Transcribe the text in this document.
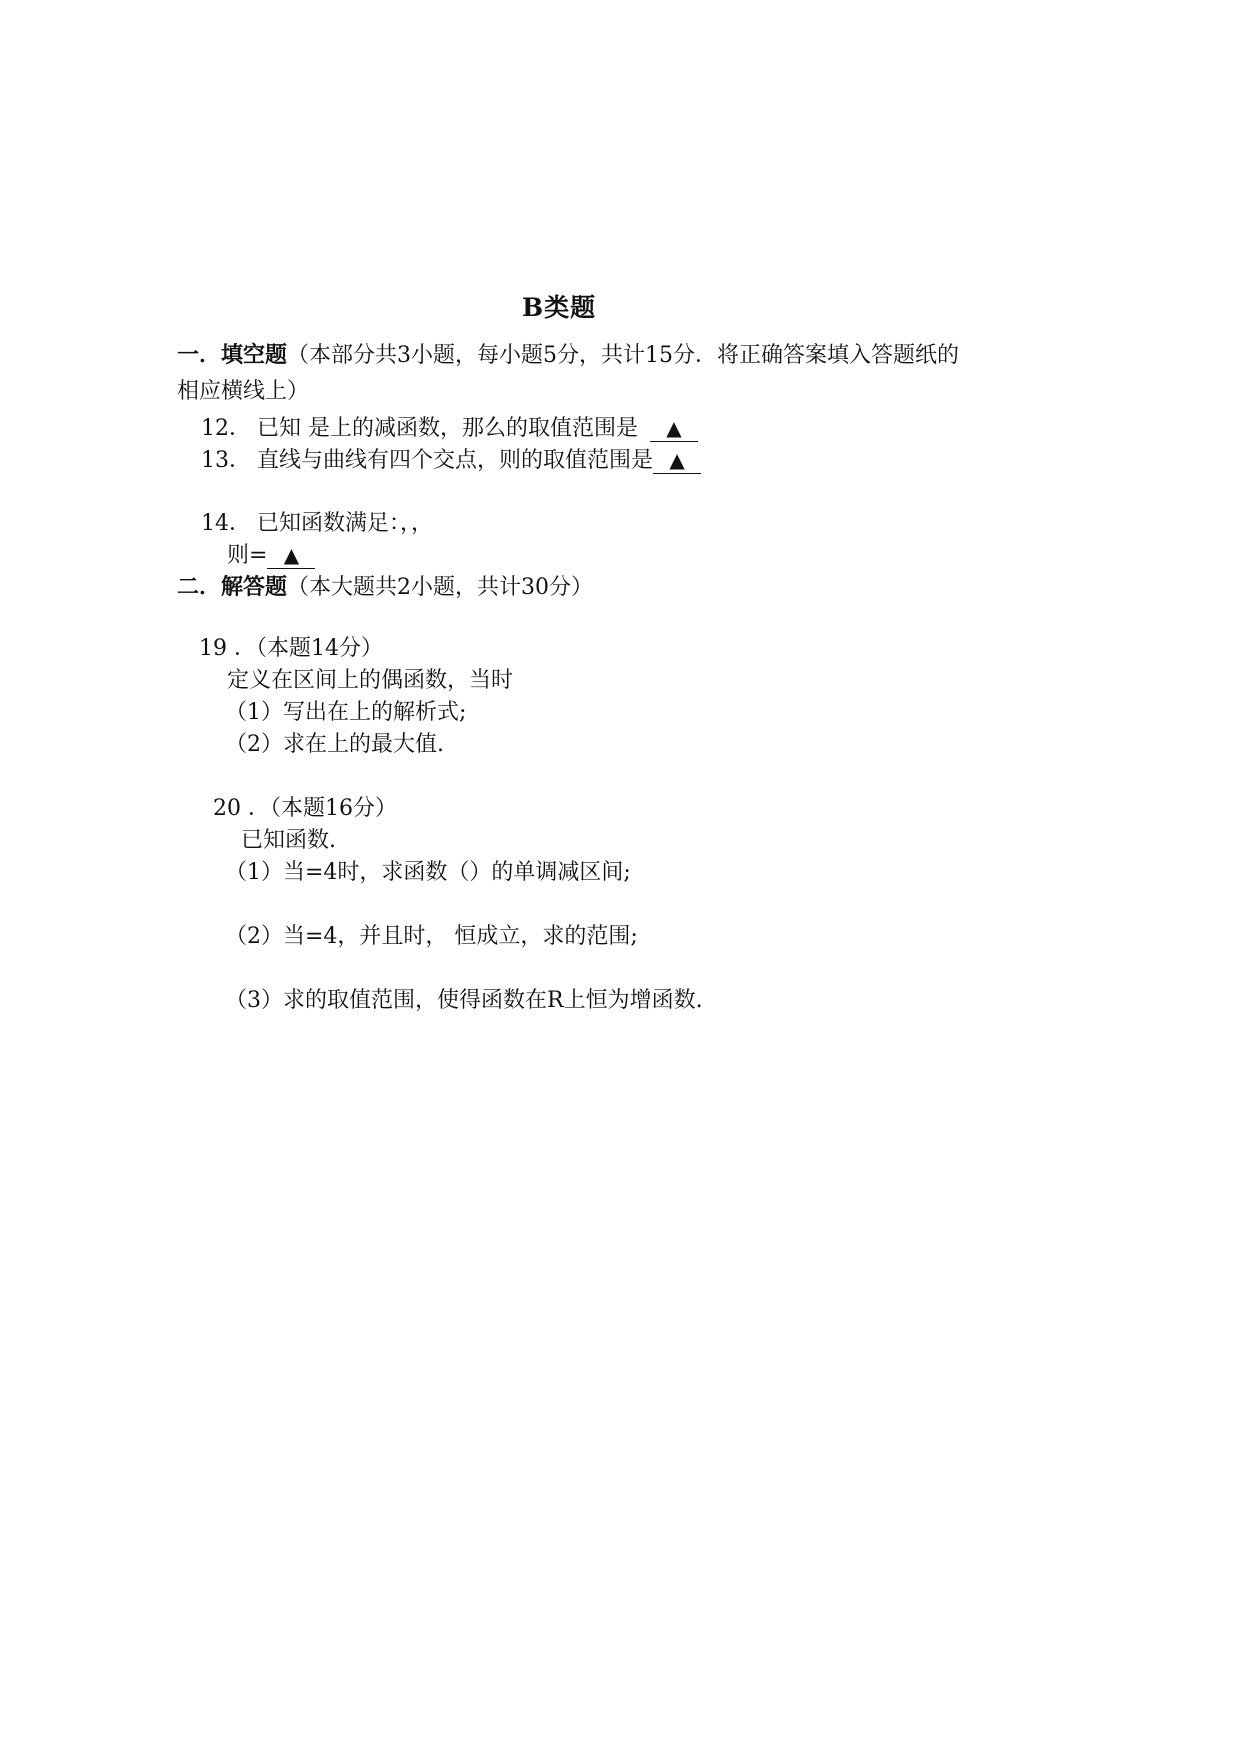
B类题
一．填空题（本部分共3小题，每小题5分，共计15分．将正确答案填入答题纸的
相应横线上）
12． 已知 是上的减函数，那么的取值范围是 ▲
13． 直线与曲线有四个交点，则的取值范围是 ▲
14． 已知函数满足：，，
则= ▲
二．解答题（本大题共2小题，共计30分）
19 ．（本题14分）
定义在区间上的偶函数，当时
（1）写出在上的解析式;
（2）求在上的最大值.
20 ．（本题16分）
已知函数.
（1）当=4时，求函数（）的单调减区间;
（2）当=4，并且时， 恒成立，求的范围;
（3）求的取值范围，使得函数在R上恒为增函数.
